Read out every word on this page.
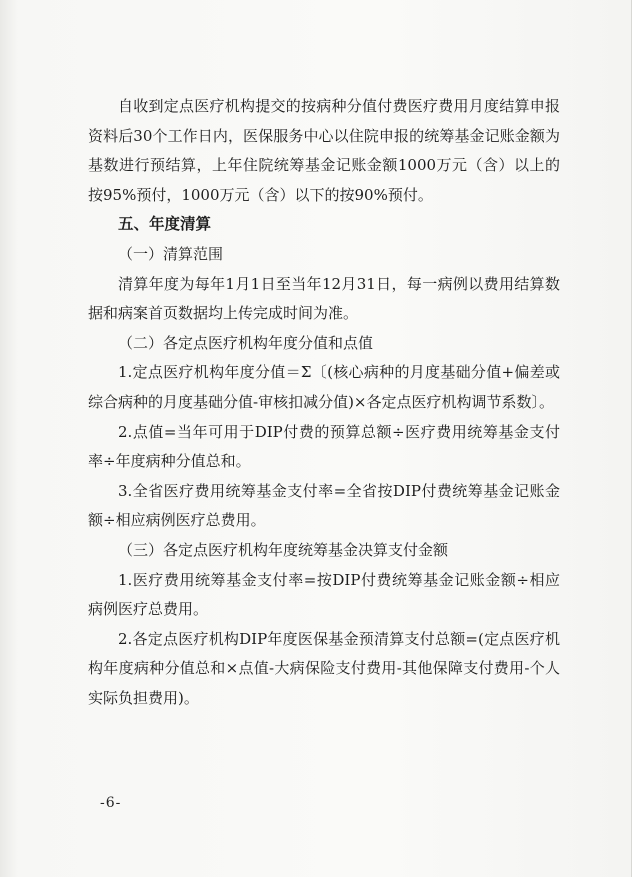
自收到定点医疗机构提交的按病种分值付费医疗费用月度结算申报资料后30个工作日内，医保服务中心以住院申报的统筹基金记账金额为基数进行预结算，上年住院统筹基金记账金额1000万元（含）以上的按95%预付，1000万元（含）以下的按90%预付。

五、年度清算

（一）清算范围

清算年度为每年1月1日至当年12月31日，每一病例以费用结算数据和病案首页数据均上传完成时间为准。

（二）各定点医疗机构年度分值和点值

1.定点医疗机构年度分值＝Σ〔(核心病种的月度基础分值+偏差或综合病种的月度基础分值-审核扣减分值)×各定点医疗机构调节系数〕。

2.点值=当年可用于DIP付费的预算总额÷医疗费用统筹基金支付率÷年度病种分值总和。

3.全省医疗费用统筹基金支付率=全省按DIP付费统筹基金记账金额÷相应病例医疗总费用。

（三）各定点医疗机构年度统筹基金决算支付金额

1.医疗费用统筹基金支付率=按DIP付费统筹基金记账金额÷相应病例医疗总费用。

2.各定点医疗机构DIP年度医保基金预清算支付总额=(定点医疗机构年度病种分值总和×点值-大病保险支付费用-其他保障支付费用-个人实际负担费用)。

-6-
